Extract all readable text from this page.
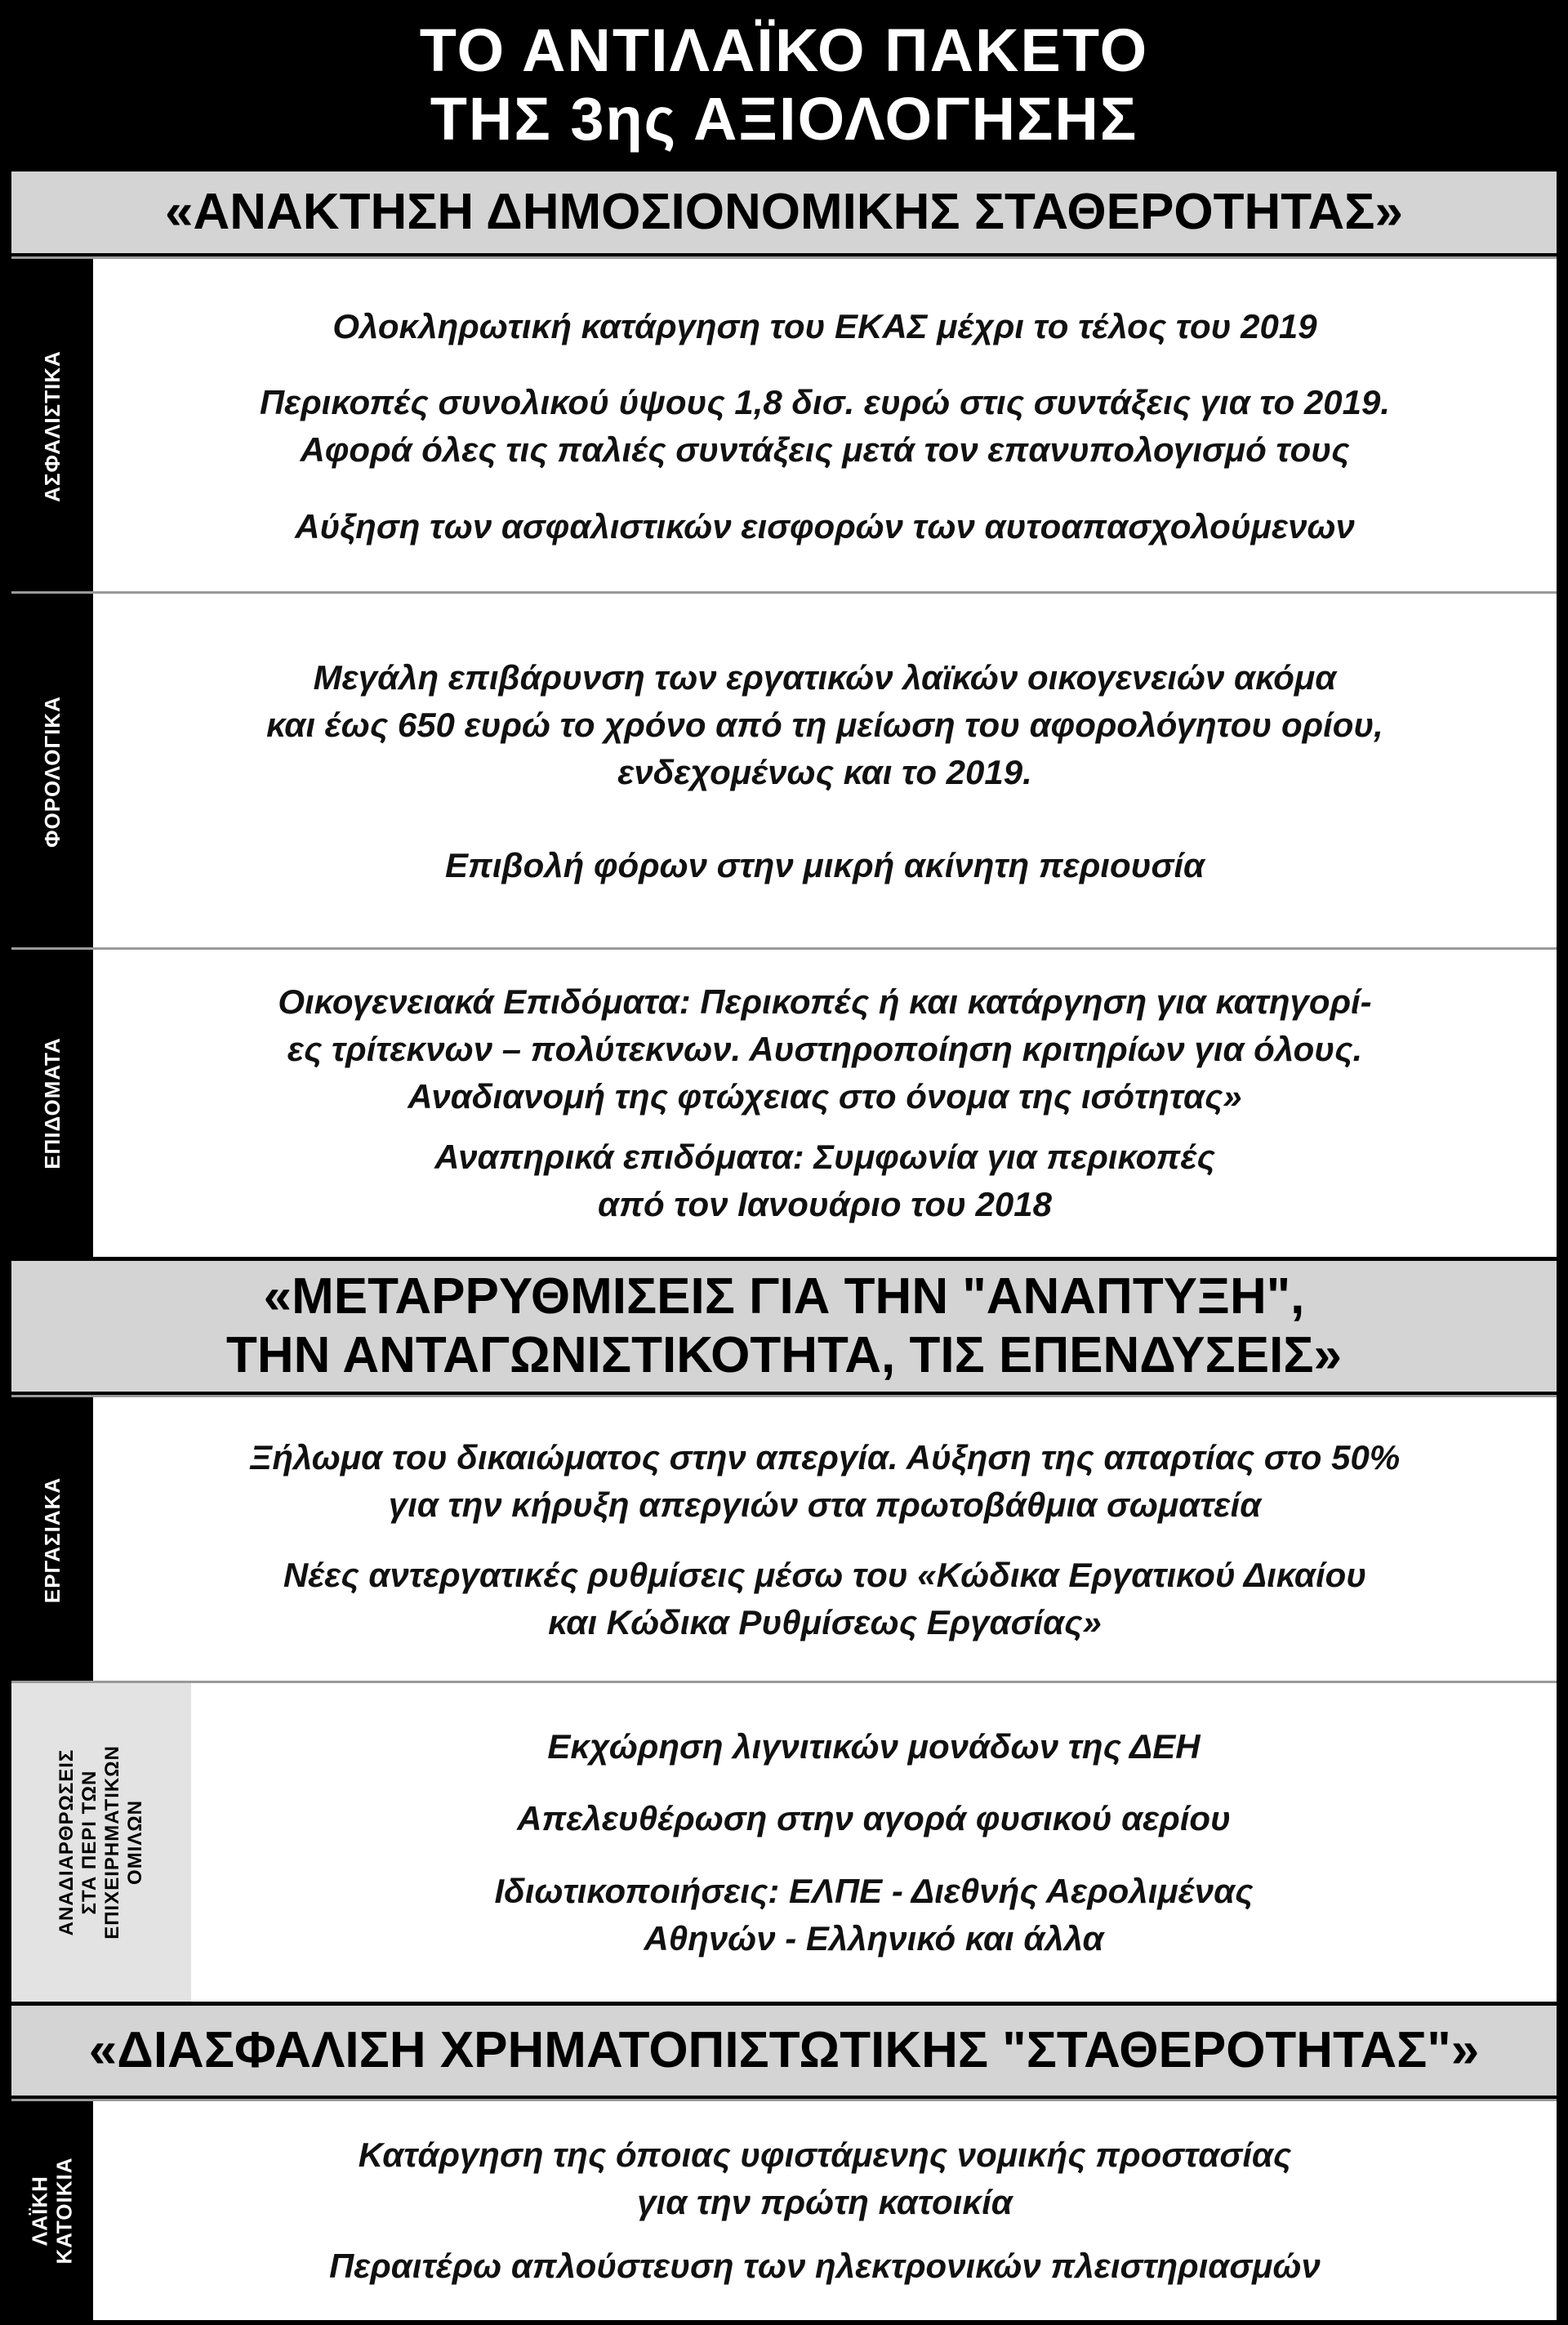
ΤΟ ΑΝΤΙΛΑΪΚΟ ΠΑΚΕΤΟ
ΤΗΣ 3ης ΑΞΙΟΛΟΓΗΣΗΣ
«ΑΝΑΚΤΗΣΗ ΔΗΜΟΣΙΟΝΟΜΙΚΗΣ ΣΤΑΘΕΡΟΤΗΤΑΣ»
ΑΣΦΑΛΙΣΤΙΚΑ
Ολοκληρωτική κατάργηση του ΕΚΑΣ μέχρι το τέλος του 2019
Περικοπές συνολικού ύψους 1,8 δισ. ευρώ στις συντάξεις για το 2019.
Αφορά όλες τις παλιές συντάξεις μετά τον επανυπολογισμό τους
Αύξηση των ασφαλιστικών εισφορών των αυτοαπασχολούμενων
ΦΟΡΟΛΟΓΙΚΑ
Μεγάλη επιβάρυνση των εργατικών λαϊκών οικογενειών ακόμα
και έως 650 ευρώ το χρόνο από τη μείωση του αφορολόγητου ορίου,
ενδεχομένως και το 2019.
Επιβολή φόρων στην μικρή ακίνητη περιουσία
ΕΠΙΔΟΜΑΤΑ
Οικογενειακά Επιδόματα: Περικοπές ή και κατάργηση για κατηγορί-
ες τρίτεκνων – πολύτεκνων. Αυστηροποίηση κριτηρίων για όλους.
Αναδιανομή της φτώχειας στο όνομα της ισότητας»
Αναπηρικά επιδόματα: Συμφωνία για περικοπές
από τον Ιανουάριο του 2018
«ΜΕΤΑΡΡΥΘΜΙΣΕΙΣ ΓΙΑ ΤΗΝ "ΑΝΑΠΤΥΞΗ",
ΤΗΝ ΑΝΤΑΓΩΝΙΣΤΙΚΟΤΗΤΑ, ΤΙΣ ΕΠΕΝΔΥΣΕΙΣ»
ΕΡΓΑΣΙΑΚΑ
Ξήλωμα του δικαιώματος στην απεργία. Αύξηση της απαρτίας στο 50%
για την κήρυξη απεργιών στα πρωτοβάθμια σωματεία
Νέες αντεργατικές ρυθμίσεις μέσω του «Κώδικα Εργατικού Δικαίου
και Κώδικα Ρυθμίσεως Εργασίας»
ΑΝΑΔΙΑΡΘΡΩΣΕΙΣ ΣΤΑ ΠΕΡΙ ΤΩΝ ΕΠΙΧΕΙΡΗΜΑΤΙΚΩΝ ΟΜΙΛΩΝ
Εκχώρηση λιγνιτικών μονάδων της ΔΕΗ
Απελευθέρωση στην αγορά φυσικού αερίου
Ιδιωτικοποιήσεις: ΕΛΠΕ - Διεθνής Αερολιμένας
Αθηνών - Ελληνικό και άλλα
«ΔΙΑΣΦΑΛΙΣΗ ΧΡΗΜΑΤΟΠΙΣΤΩΤΙΚΗΣ "ΣΤΑΘΕΡΟΤΗΤΑΣ"»
ΛΑΪΚΗ ΚΑΤΟΙΚΙΑ
Κατάργηση της όποιας υφιστάμενης νομικής προστασίας
για την πρώτη κατοικία
Περαιτέρω απλούστευση των ηλεκτρονικών πλειστηριασμών
